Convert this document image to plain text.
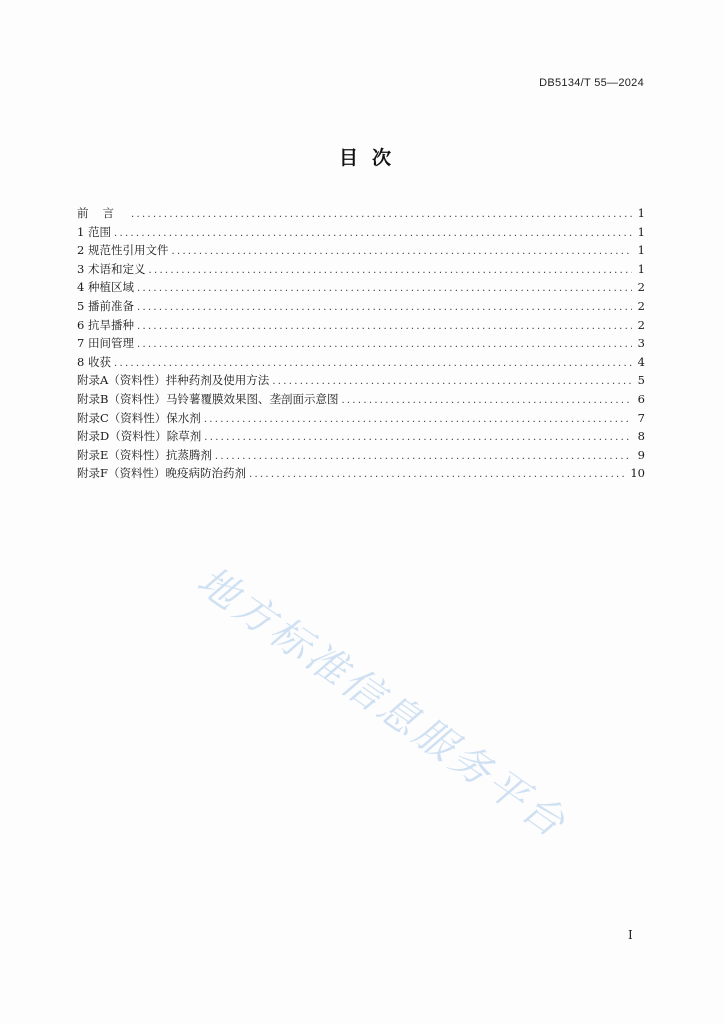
DB5134/T 55—2024
目次
前言 .....	1
1 范围 .....	1
2 规范性引用文件 .....	1
3 术语和定义 .....	1
4 种植区域 .....	2
5 播前准备 .....	2
6 抗旱播种 .....	2
7 田间管理 .....	3
8 收获 .....	4
附录A（资料性）拌种药剂及使用方法 .....	5
附录B（资料性）马铃薯覆膜效果图、垄剖面示意图 .....	6
附录C（资料性）保水剂 .....	7
附录D（资料性）除草剂 .....	8
附录E（资料性）抗蒸腾剂 .....	9
附录F（资料性）晚疫病防治药剂 .....	10
地方标准信息服务平台
I
